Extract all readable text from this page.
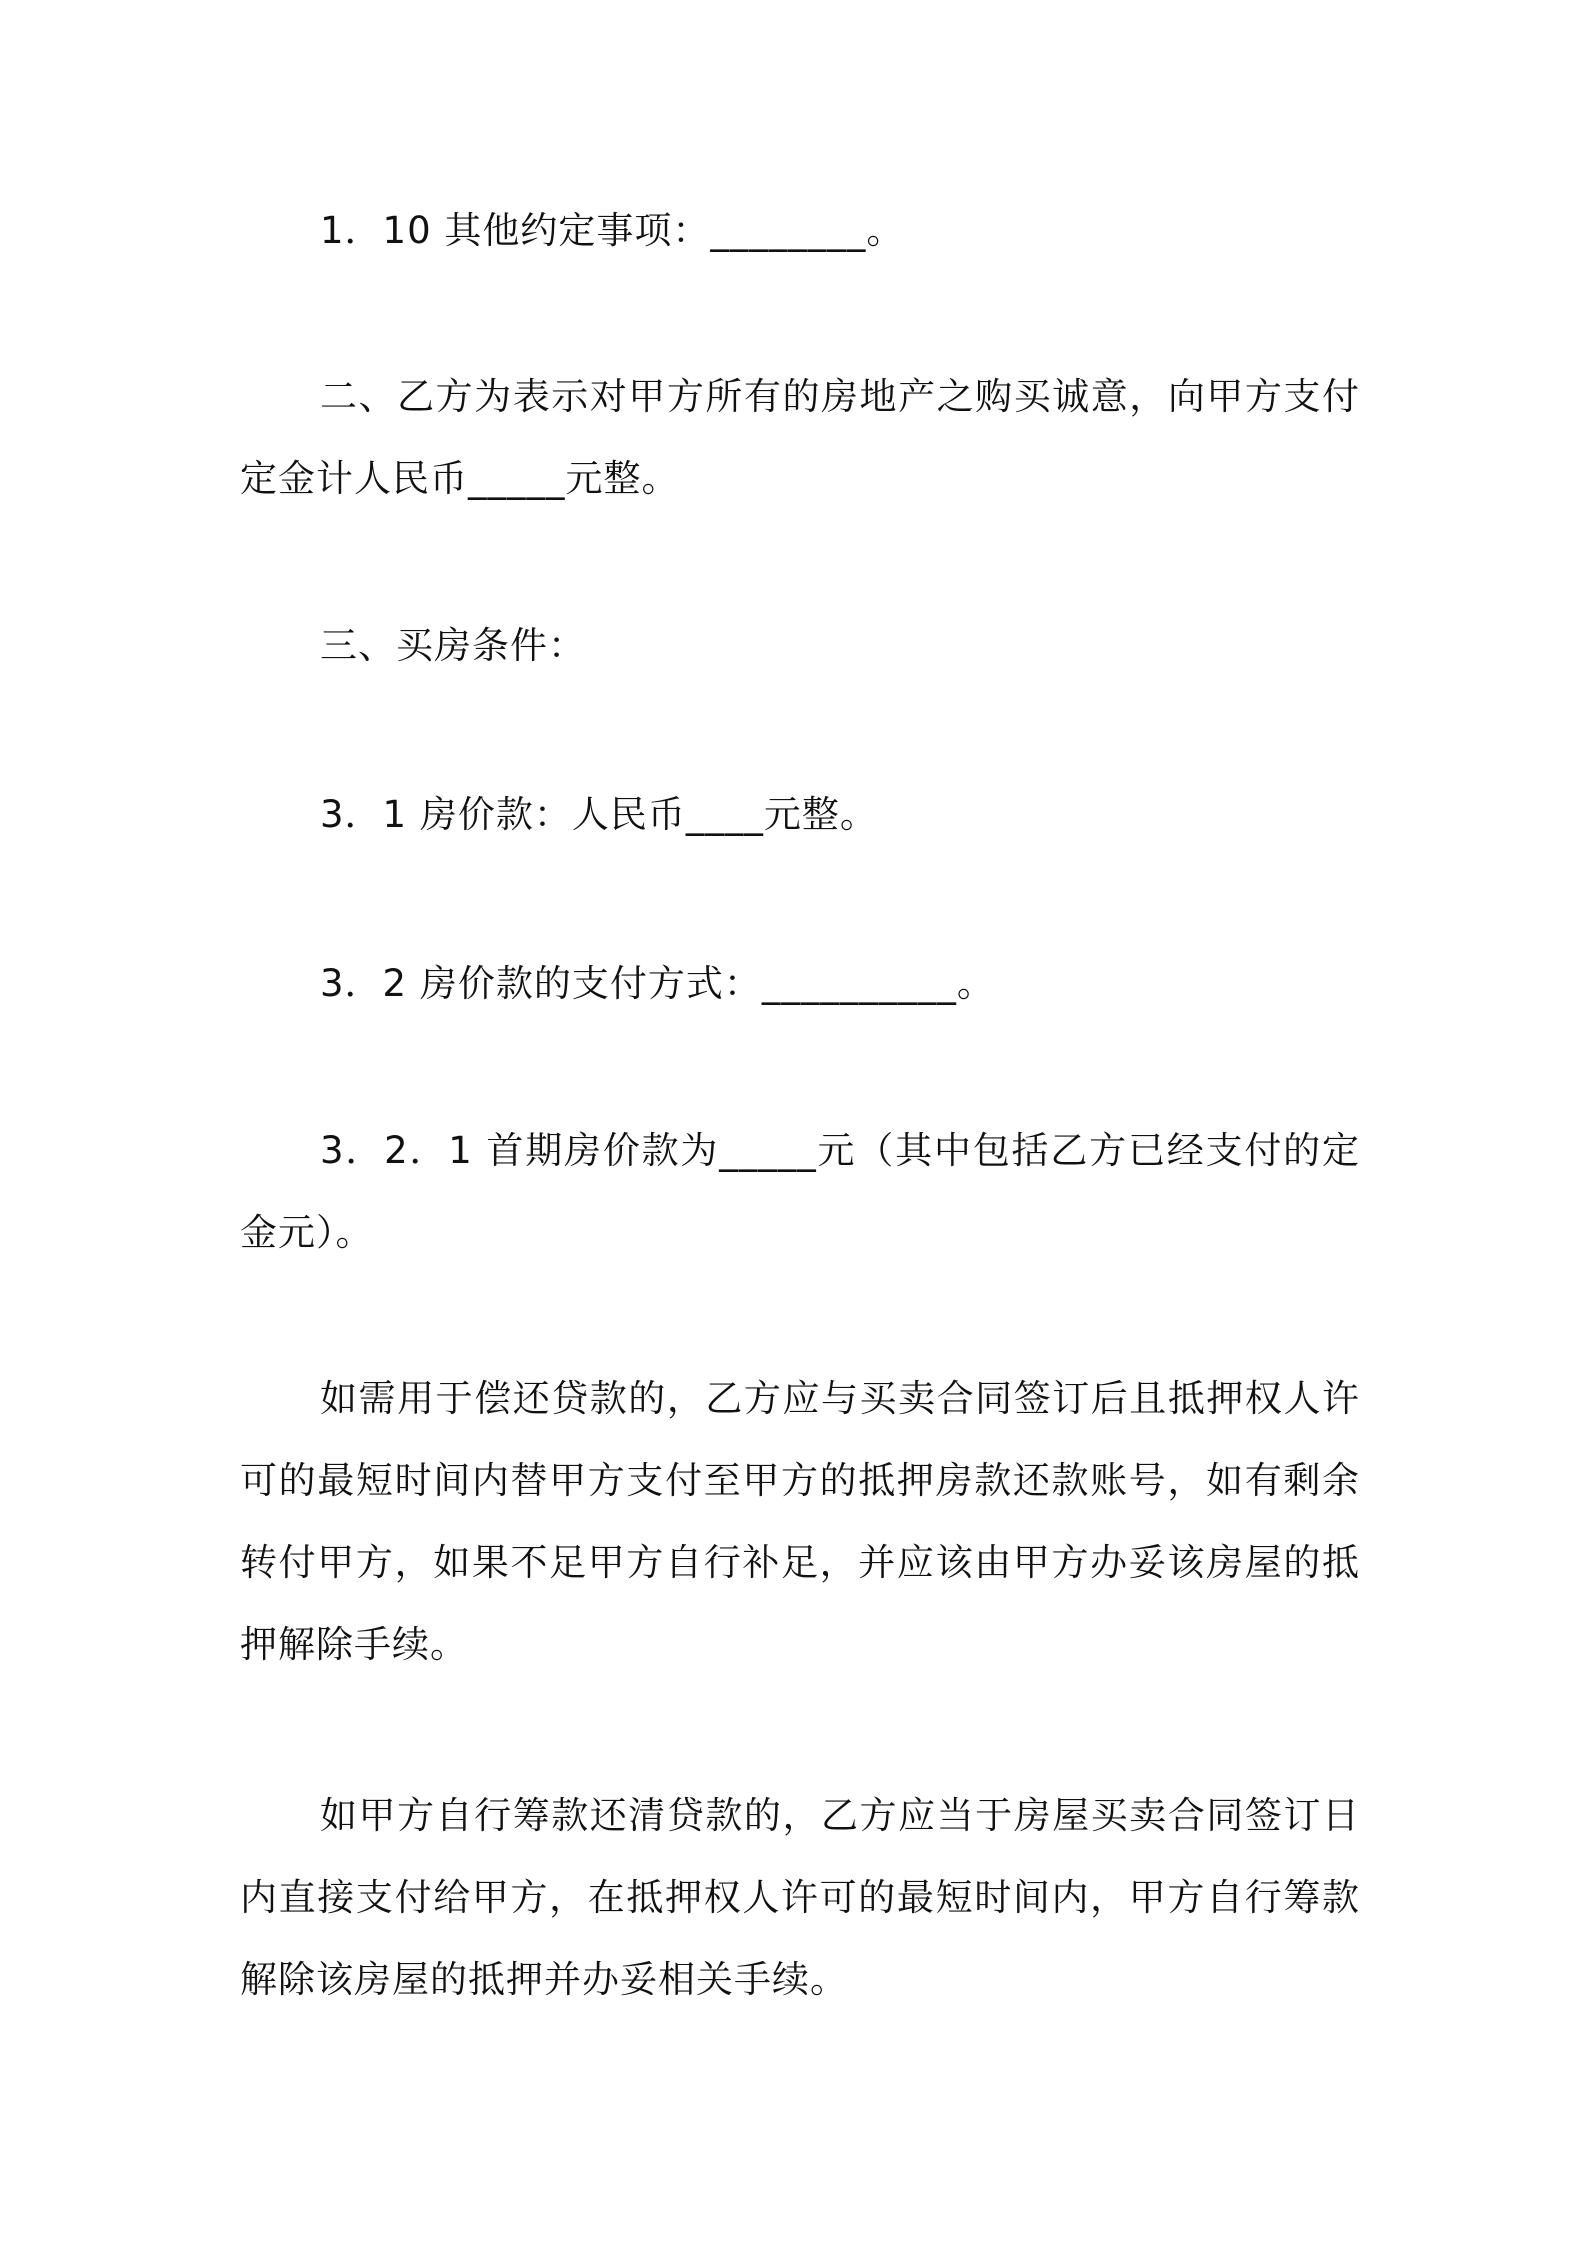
1．10 其他约定事项：________。

二、乙方为表示对甲方所有的房地产之购买诚意，向甲方支付定金计人民币_____元整。

三、买房条件：

3．1 房价款：人民币____元整。

3．2 房价款的支付方式：__________。

3．2．1 首期房价款为_____元（其中包括乙方已经支付的定金元）。

如需用于偿还贷款的，乙方应与买卖合同签订后且抵押权人许可的最短时间内替甲方支付至甲方的抵押房款还款账号，如有剩余转付甲方，如果不足甲方自行补足，并应该由甲方办妥该房屋的抵押解除手续。

如甲方自行筹款还清贷款的，乙方应当于房屋买卖合同签订日内直接支付给甲方，在抵押权人许可的最短时间内，甲方自行筹款解除该房屋的抵押并办妥相关手续。
